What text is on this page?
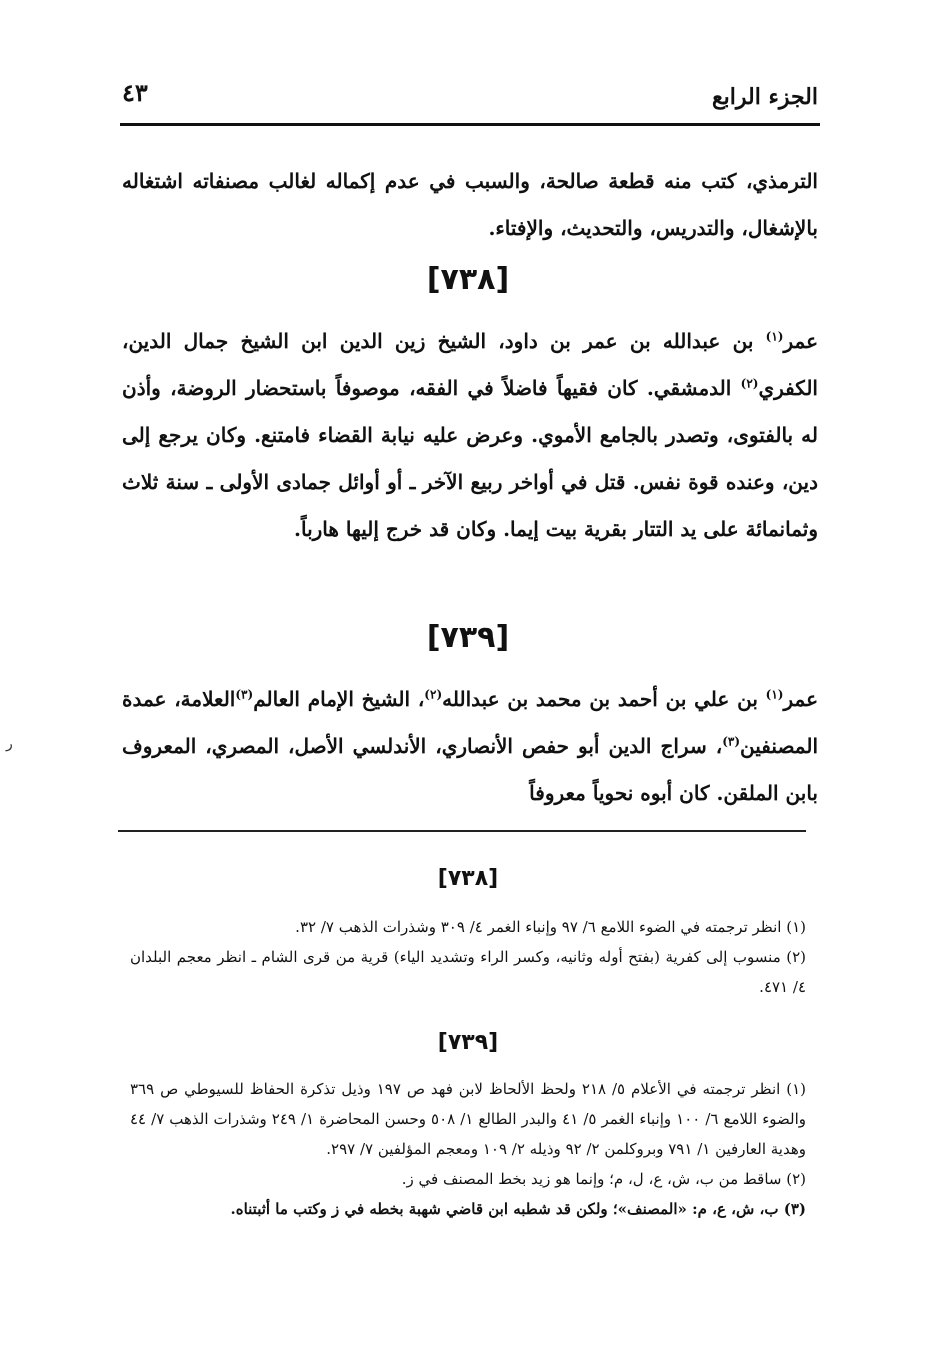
الجزء الرابع
٤٣
الترمذي، كتب منه قطعة صالحة، والسبب في عدم إكماله لغالب مصنفاته اشتغاله بالإشغال، والتدريس، والتحديث، والإفتاء.
[٧٣٨]
عمر$^{(١)}$ بن عبدالله بن عمر بن داود، الشيخ زين الدين ابن الشيخ جمال الدين، الكفري$^{(٢)}$ الدمشقي. كان فقيهاً فاضلاً في الفقه، موصوفاً باستحضار الروضة، وأذن له بالفتوى، وتصدر بالجامع الأموي. وعرض عليه نيابة القضاء فامتنع. وكان يرجع إلى دين، وعنده قوة نفس. قتل في أواخر ربيع الآخر ـ أو أوائل جمادى الأولى ـ سنة ثلاث وثمانمائة على يد التتار بقرية بيت إيما. وكان قد خرج إليها هارباً.
[٧٣٩]
عمر$^{(١)}$ بن علي بن أحمد بن محمد بن عبدالله$^{(٢)}$، الشيخ الإمام العالم$^{(٣)}$العلامة، عمدة المصنفين$^{(٣)}$، سراج الدين أبو حفص الأنصاري، الأندلسي الأصل، المصري، المعروف بابن الملقن. كان أبوه نحوياً معروفاً
[٧٣٨]
(١) انظر ترجمته في الضوء اللامع ٦/ ٩٧ وإنباء الغمر ٤/ ٣٠٩ وشذرات الذهب ٧/ ٣٢.
(٢) منسوب إلى كفرية (بفتح أوله وثانيه، وكسر الراء وتشديد الياء) قرية من قرى الشام ـ انظر معجم البلدان ٤/ ٤٧١.
[٧٣٩]
(١) انظر ترجمته في الأعلام ٥/ ٢١٨ ولحظ الألحاظ لابن فهد ص ١٩٧ وذيل تذكرة الحفاظ للسيوطي ص ٣٦٩ والضوء اللامع ٦/ ١٠٠ وإنباء الغمر ٥/ ٤١ والبدر الطالع ١/ ٥٠٨ وحسن المحاضرة ١/ ٢٤٩ وشذرات الذهب ٧/ ٤٤ وهدية العارفين ١/ ٧٩١ وبروكلمن ٢/ ٩٢ وذيله ٢/ ١٠٩ ومعجم المؤلفين ٧/ ٢٩٧.
(٢) ساقط من ب، ش، ع، ل، م؛ وإنما هو زيد بخط المصنف في ز.
(٣) ب، ش، ع، م: «المصنف»؛ ولكن قد شطبه ابن قاضي شهبة بخطه في ز وكتب ما أثبتناه.
ر
